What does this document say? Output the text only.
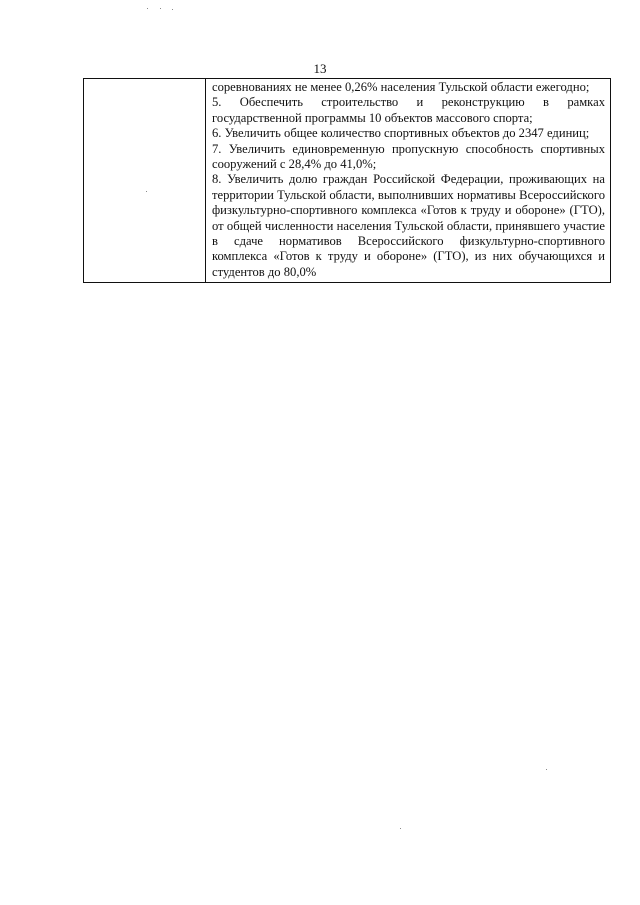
13

соревнованиях не менее 0,26% населения Тульской области ежегодно;

5. Обеспечить строительство и реконструкцию в рамках государственной программы 10 объектов массового спорта;

6. Увеличить общее количество спортивных объектов до 2347 единиц;

7. Увеличить единовременную пропускную способность спортивных сооружений с 28,4% до 41,0%;

8. Увеличить долю граждан Российской Федерации, проживающих на территории Тульской области, выполнивших нормативы Всероссийского физкультурно-спортивного комплекса «Готов к труду и обороне» (ГТО), от общей численности населения Тульской области, принявшего участие в сдаче нормативов Всероссийского физкультурно-спортивного комплекса «Готов к труду и обороне» (ГТО), из них обучающихся и студентов до 80,0%
